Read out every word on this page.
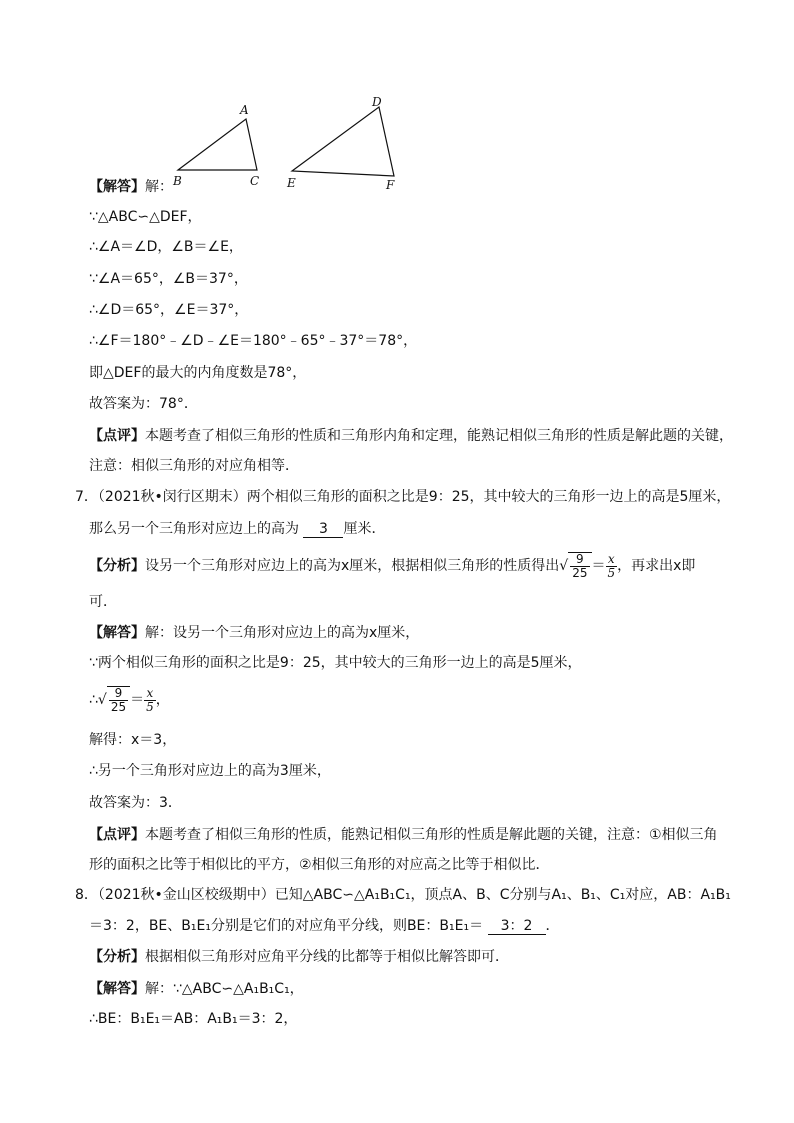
A
B	C
D
E	F
【解答】解：
∵△ABC∽△DEF，
∴∠A＝∠D，∠B＝∠E，
∵∠A＝65°，∠B＝37°，
∴∠D＝65°，∠E＝37°，
∴∠F＝180°﹣∠D﹣∠E＝180°﹣65°﹣37°＝78°，
即△DEF的最大的内角度数是78°，
故答案为：78°．
【点评】本题考查了相似三角形的性质和三角形内角和定理，能熟记相似三角形的性质是解此题的关键，
注意：相似三角形的对应角相等．
7．（2021秋•闵行区期末）两个相似三角形的面积之比是9：25，其中较大的三角形一边上的高是5厘米，
那么另一个三角形对应边上的高为 3 厘米．
【分析】设另一个三角形对应边上的高为x厘米，根据相似三角形的性质得出√ $\frac{9}{25} = \frac{x}{5}$ ，再求出x即
可．
【解答】解：设另一个三角形对应边上的高为x厘米，
∵两个相似三角形的面积之比是9：25，其中较大的三角形一边上的高是5厘米，
∴√ $\frac{9}{25} = \frac{x}{5}$ ，
解得：x＝3，
∴另一个三角形对应边上的高为3厘米，
故答案为：3．
【点评】本题考查了相似三角形的性质，能熟记相似三角形的性质是解此题的关键，注意：①相似三角
形的面积之比等于相似比的平方，②相似三角形的对应高之比等于相似比．
8．（2021秋•金山区校级期中）已知△ABC∽△A₁B₁C₁，顶点A、B、C分别与A₁、B₁、C₁对应，AB：A₁B₁
＝3：2，BE、B₁E₁分别是它们的对应角平分线，则BE：B₁E₁＝ 3：2 ．
【分析】根据相似三角形对应角平分线的比都等于相似比解答即可．
【解答】解：∵△ABC∽△A₁B₁C₁，
∴BE：B₁E₁＝AB：A₁B₁＝3：2，
